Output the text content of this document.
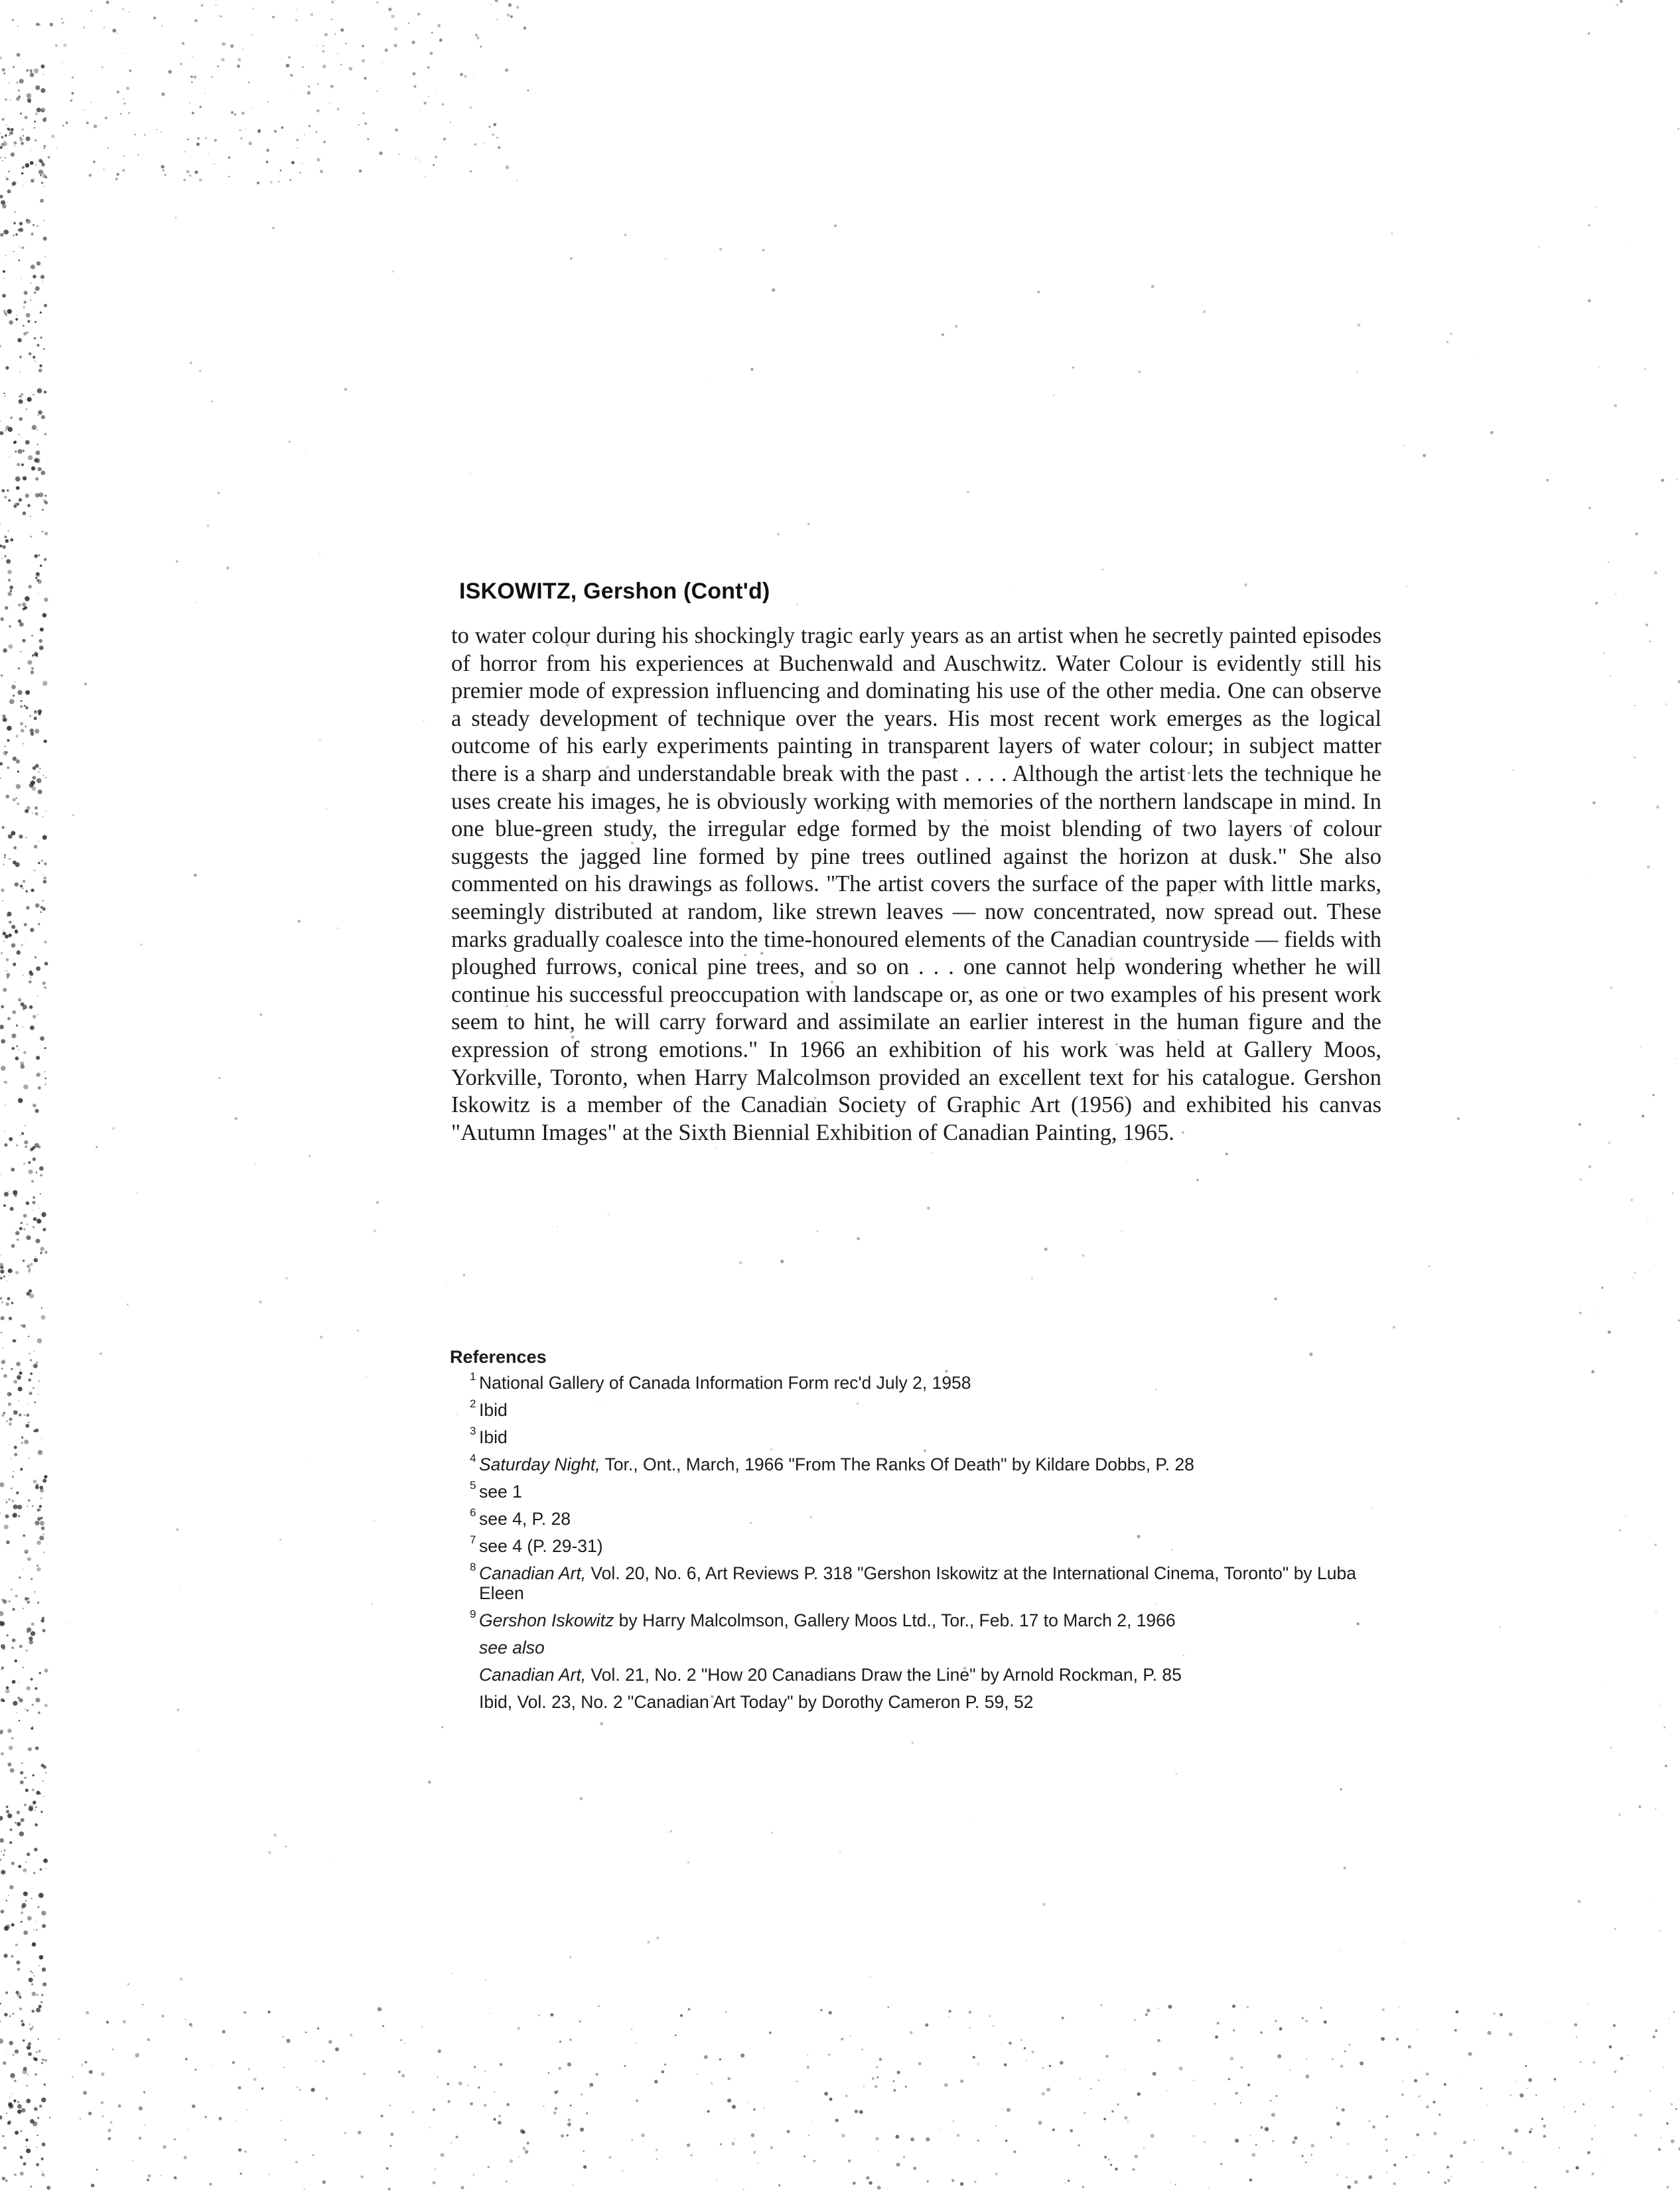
ISKOWITZ, Gershon (Cont'd)

to water colour during his shockingly tragic early years as an artist when he secretly painted episodes of horror from his experiences at Buchenwald and Auschwitz. Water Colour is evidently still his premier mode of expression influencing and dominating his use of the other media. One can observe a steady development of technique over the years. His most recent work emerges as the logical outcome of his early experiments painting in transparent layers of water colour; in subject matter there is a sharp and understandable break with the past . . . . Although the artist lets the technique he uses create his images, he is obviously working with memories of the northern landscape in mind. In one blue-green study, the irregular edge formed by the moist blending of two layers of colour suggests the jagged line formed by pine trees outlined against the horizon at dusk." She also commented on his drawings as follows. "The artist covers the surface of the paper with little marks, seemingly distributed at random, like strewn leaves — now concentrated, now spread out. These marks gradually coalesce into the time-honoured elements of the Canadian countryside — fields with ploughed furrows, conical pine trees, and so on . . . one cannot help wondering whether he will continue his successful preoccupation with landscape or, as one or two examples of his present work seem to hint, he will carry forward and assimilate an earlier interest in the human figure and the expression of strong emotions." In 1966 an exhibition of his work was held at Gallery Moos, Yorkville, Toronto, when Harry Malcolmson provided an excellent text for his catalogue. Gershon Iskowitz is a member of the Canadian Society of Graphic Art (1956) and exhibited his canvas "Autumn Images" at the Sixth Biennial Exhibition of Canadian Painting, 1965.

References
1 National Gallery of Canada Information Form rec'd July 2, 1958
2 Ibid
3 Ibid
4 Saturday Night, Tor., Ont., March, 1966 "From The Ranks Of Death" by Kildare Dobbs, P. 28
5 see 1
6 see 4, P. 28
7 see 4 (P. 29-31)
8 Canadian Art, Vol. 20, No. 6, Art Reviews P. 318 "Gershon Iskowitz at the International Cinema, Toronto" by Luba Eleen
9 Gershon Iskowitz by Harry Malcolmson, Gallery Moos Ltd., Tor., Feb. 17 to March 2, 1966
see also
Canadian Art, Vol. 21, No. 2 "How 20 Canadians Draw the Line" by Arnold Rockman, P. 85
Ibid, Vol. 23, No. 2 "Canadian Art Today" by Dorothy Cameron P. 59, 52
